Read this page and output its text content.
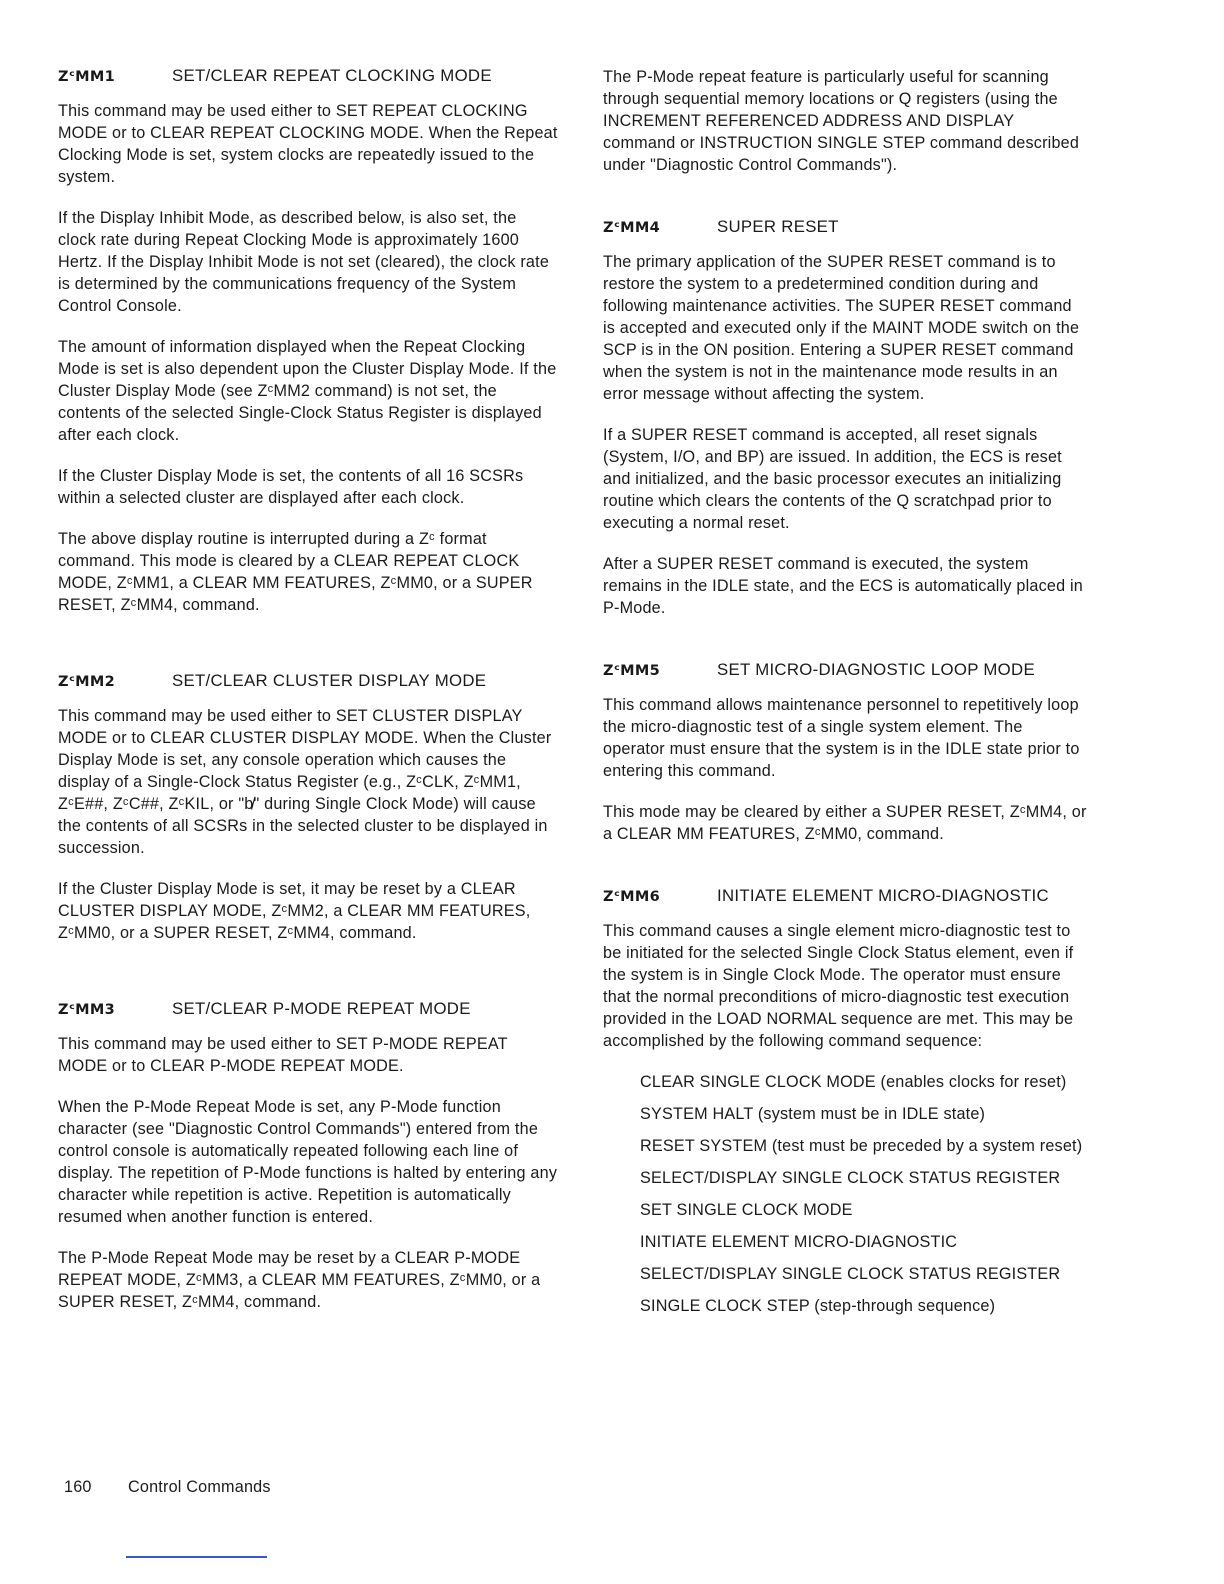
ZᶜMM1	SET/CLEAR REPEAT CLOCKING MODE

This command may be used either to SET REPEAT CLOCKING MODE or to CLEAR REPEAT CLOCKING MODE. When the Repeat Clocking Mode is set, system clocks are repeatedly issued to the system.

If the Display Inhibit Mode, as described below, is also set, the clock rate during Repeat Clocking Mode is approximately 1600 Hertz. If the Display Inhibit Mode is not set (cleared), the clock rate is determined by the communications frequency of the System Control Console.

The amount of information displayed when the Repeat Clocking Mode is set is also dependent upon the Cluster Display Mode. If the Cluster Display Mode (see ZᶜMM2 command) is not set, the contents of the selected Single-Clock Status Register is displayed after each clock.

If the Cluster Display Mode is set, the contents of all 16 SCSRs within a selected cluster are displayed after each clock.

The above display routine is interrupted during a Zᶜ format command. This mode is cleared by a CLEAR REPEAT CLOCK MODE, ZᶜMM1, a CLEAR MM FEATURES, ZᶜMM0, or a SUPER RESET, ZᶜMM4, command.

ZᶜMM2	SET/CLEAR CLUSTER DISPLAY MODE

This command may be used either to SET CLUSTER DISPLAY MODE or to CLEAR CLUSTER DISPLAY MODE. When the Cluster Display Mode is set, any console operation which causes the display of a Single-Clock Status Register (e.g., ZᶜCLK, ZᶜMM1, ZᶜE##, ZᶜC##, ZᶜKIL, or "b̸" during Single Clock Mode) will cause the contents of all SCSRs in the selected cluster to be displayed in succession.

If the Cluster Display Mode is set, it may be reset by a CLEAR CLUSTER DISPLAY MODE, ZᶜMM2, a CLEAR MM FEATURES, ZᶜMM0, or a SUPER RESET, ZᶜMM4, command.

ZᶜMM3	SET/CLEAR P-MODE REPEAT MODE

This command may be used either to SET P-MODE REPEAT MODE or to CLEAR P-MODE REPEAT MODE.

When the P-Mode Repeat Mode is set, any P-Mode function character (see "Diagnostic Control Commands") entered from the control console is automatically repeated following each line of display. The repetition of P-Mode functions is halted by entering any character while repetition is active. Repetition is automatically resumed when another function is entered.

The P-Mode Repeat Mode may be reset by a CLEAR P-MODE REPEAT MODE, ZᶜMM3, a CLEAR MM FEATURES, ZᶜMM0, or a SUPER RESET, ZᶜMM4, command.

The P-Mode repeat feature is particularly useful for scanning through sequential memory locations or Q registers (using the INCREMENT REFERENCED ADDRESS AND DISPLAY command or INSTRUCTION SINGLE STEP command described under "Diagnostic Control Commands").

ZᶜMM4	SUPER RESET

The primary application of the SUPER RESET command is to restore the system to a predetermined condition during and following maintenance activities. The SUPER RESET command is accepted and executed only if the MAINT MODE switch on the SCP is in the ON position. Entering a SUPER RESET command when the system is not in the maintenance mode results in an error message without affecting the system.

If a SUPER RESET command is accepted, all reset signals (System, I/O, and BP) are issued. In addition, the ECS is reset and initialized, and the basic processor executes an initializing routine which clears the contents of the Q scratchpad prior to executing a normal reset.

After a SUPER RESET command is executed, the system remains in the IDLE state, and the ECS is automatically placed in P-Mode.

ZᶜMM5	SET MICRO-DIAGNOSTIC LOOP MODE

This command allows maintenance personnel to repetitively loop the micro-diagnostic test of a single system element. The operator must ensure that the system is in the IDLE state prior to entering this command.

This mode may be cleared by either a SUPER RESET, ZᶜMM4, or a CLEAR MM FEATURES, ZᶜMM0, command.

ZᶜMM6	INITIATE ELEMENT MICRO-DIAGNOSTIC

This command causes a single element micro-diagnostic test to be initiated for the selected Single Clock Status element, even if the system is in Single Clock Mode. The operator must ensure that the normal preconditions of micro-diagnostic test execution provided in the LOAD NORMAL sequence are met. This may be accomplished by the following command sequence:

CLEAR SINGLE CLOCK MODE (enables clocks for reset)

SYSTEM HALT (system must be in IDLE state)

RESET SYSTEM (test must be preceded by a system reset)

SELECT/DISPLAY SINGLE CLOCK STATUS REGISTER

SET SINGLE CLOCK MODE

INITIATE ELEMENT MICRO-DIAGNOSTIC

SELECT/DISPLAY SINGLE CLOCK STATUS REGISTER

SINGLE CLOCK STEP (step-through sequence)

160 Control Commands
